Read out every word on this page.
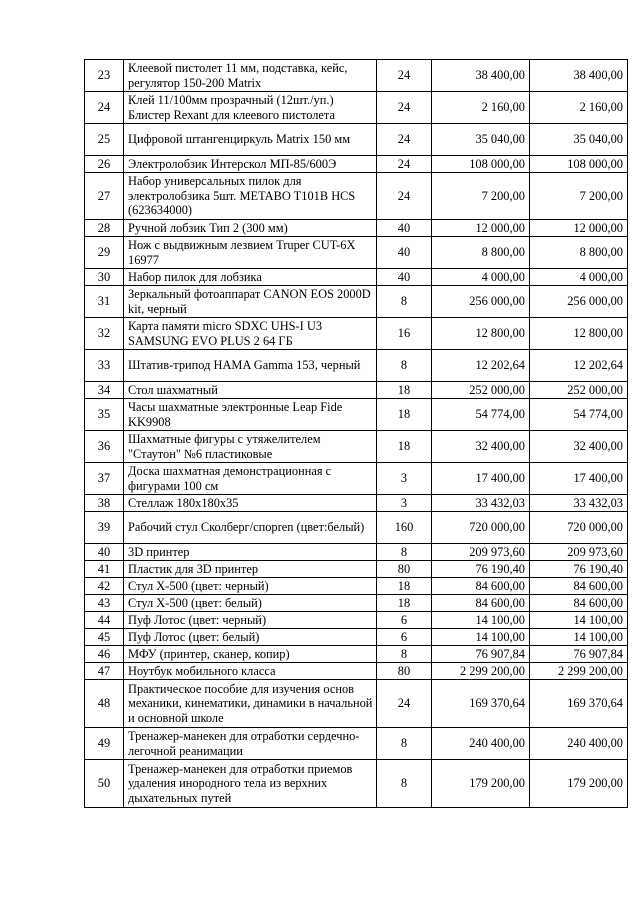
23	Клеевой пистолет 11 мм, подставка, кейс, регулятор 150-200 Matrix	24	38 400,00	38 400,00
24	Клей 11/100мм прозрачный (12шт./уп.) Блистер Rexant для клеевого пистолета	24	2 160,00	2 160,00
25	Цифровой штангенциркуль Matrix 150 мм	24	35 040,00	35 040,00
26	Электролобзик Интерскол МП-85/600Э	24	108 000,00	108 000,00
27	Набор универсальных пилок для электролобзика 5шт. METABO T101B HCS (623634000)	24	7 200,00	7 200,00
28	Ручной лобзик Тип 2 (300 мм)	40	12 000,00	12 000,00
29	Нож с выдвижным лезвием Truper CUT-6X 16977	40	8 800,00	8 800,00
30	Набор пилок для лобзика	40	4 000,00	4 000,00
31	Зеркальный фотоаппарат CANON EOS 2000D kit, черный	8	256 000,00	256 000,00
32	Карта памяти micro SDXC UHS-I U3 SAMSUNG EVO PLUS 2 64 ГБ	16	12 800,00	12 800,00
33	Штатив-трипод HAMA Gamma 153, черный	8	12 202,64	12 202,64
34	Стол шахматный	18	252 000,00	252 000,00
35	Часы шахматные электронные Leap Fide KK9908	18	54 774,00	54 774,00
36	Шахматные фигуры с утяжелителем "Стаутон" №6 пластиковые	18	32 400,00	32 400,00
37	Доска шахматная демонстрационная с фигурами 100 см	3	17 400,00	17 400,00
38	Стеллаж 180х180х35	3	33 432,03	33 432,03
39	Рабочий стул Сколберг/спорren (цвет:белый)	160	720 000,00	720 000,00
40	3D принтер	8	209 973,60	209 973,60
41	Пластик для 3D принтер	80	76 190,40	76 190,40
42	Стул Х-500 (цвет: черный)	18	84 600,00	84 600,00
43	Стул Х-500 (цвет: белый)	18	84 600,00	84 600,00
44	Пуф Лотос (цвет: черный)	6	14 100,00	14 100,00
45	Пуф Лотос (цвет: белый)	6	14 100,00	14 100,00
46	МФУ (принтер, сканер, копир)	8	76 907,84	76 907,84
47	Ноутбук мобильного класса	80	2 299 200,00	2 299 200,00
48	Практическое пособие для изучения основ механики, кинематики, динамики в начальной и основной школе	24	169 370,64	169 370,64
49	Тренажер-манекен для отработки сердечно-легочной реанимации	8	240 400,00	240 400,00
50	Тренажер-манекен для отработки приемов удаления инородного тела из верхних дыхательных путей	8	179 200,00	179 200,00
